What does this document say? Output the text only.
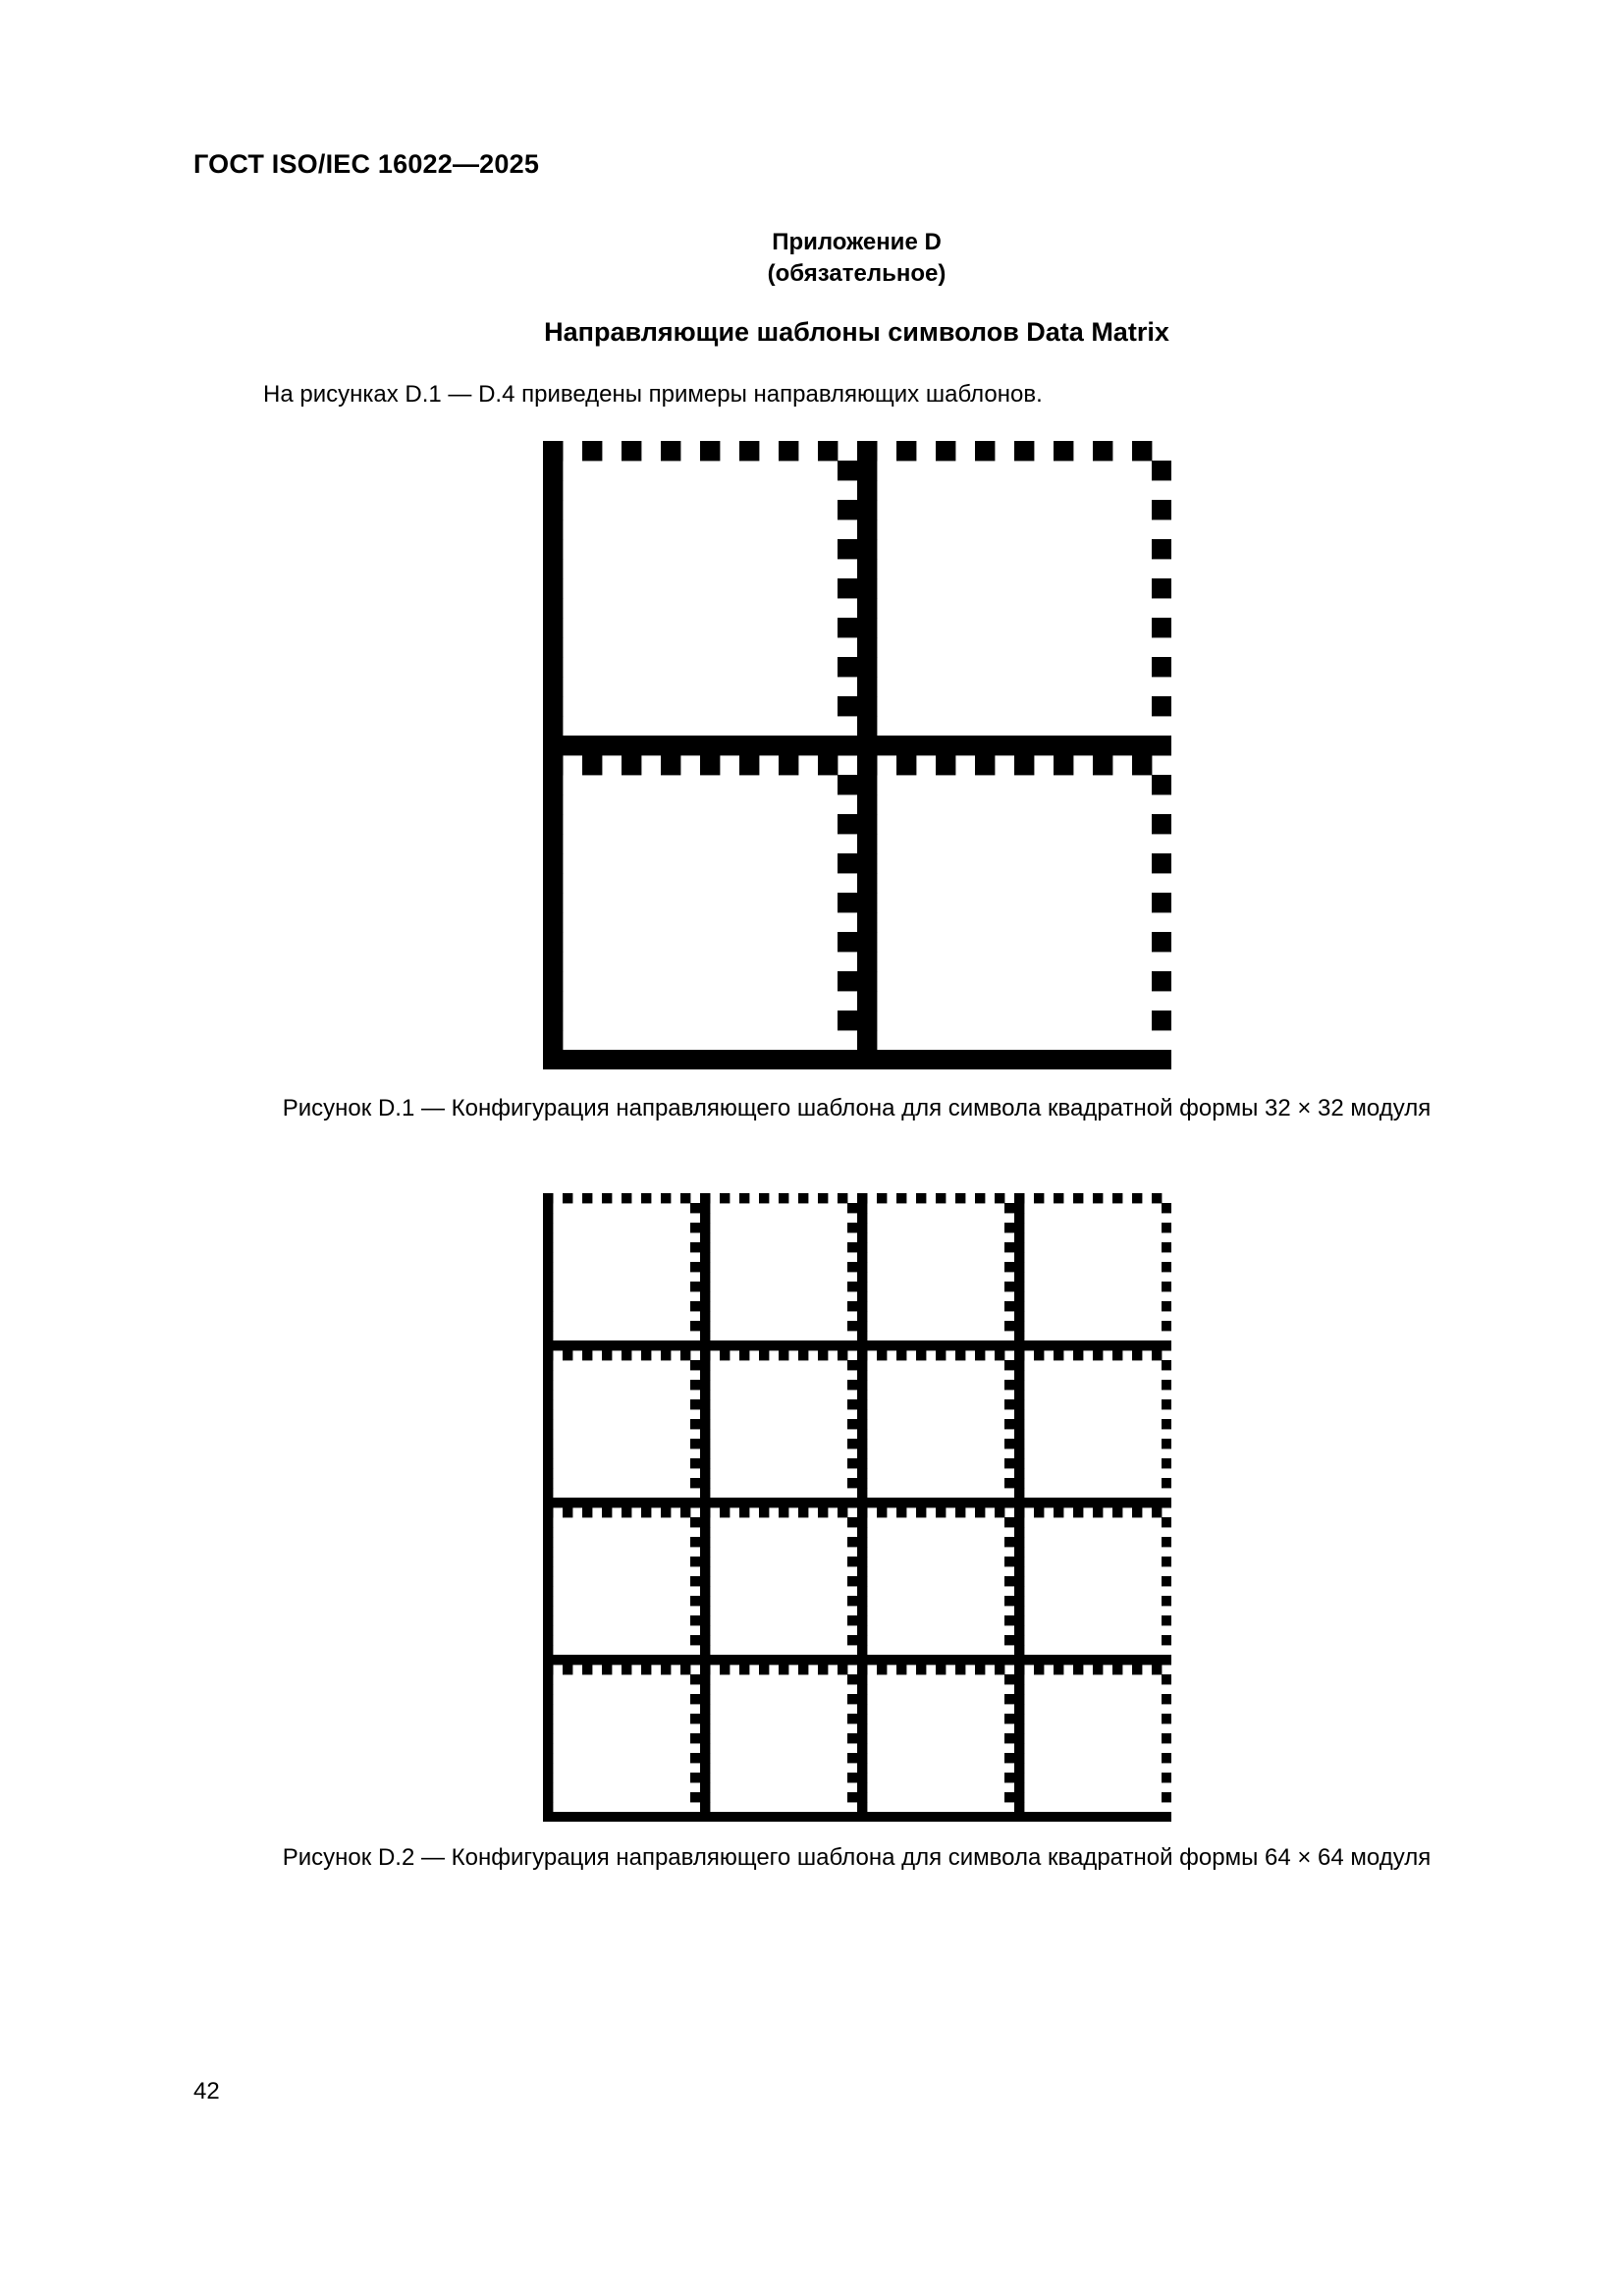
ГОСТ ISO/IEC 16022—2025
Приложение D
(обязательное)
Направляющие шаблоны символов Data Matrix
На рисунках D.1 — D.4 приведены примеры направляющих шаблонов.
Рисунок D.1 — Конфигурация направляющего шаблона для символа квадратной формы 32 × 32 модуля
Рисунок D.2 — Конфигурация направляющего шаблона для символа квадратной формы 64 × 64 модуля
42
